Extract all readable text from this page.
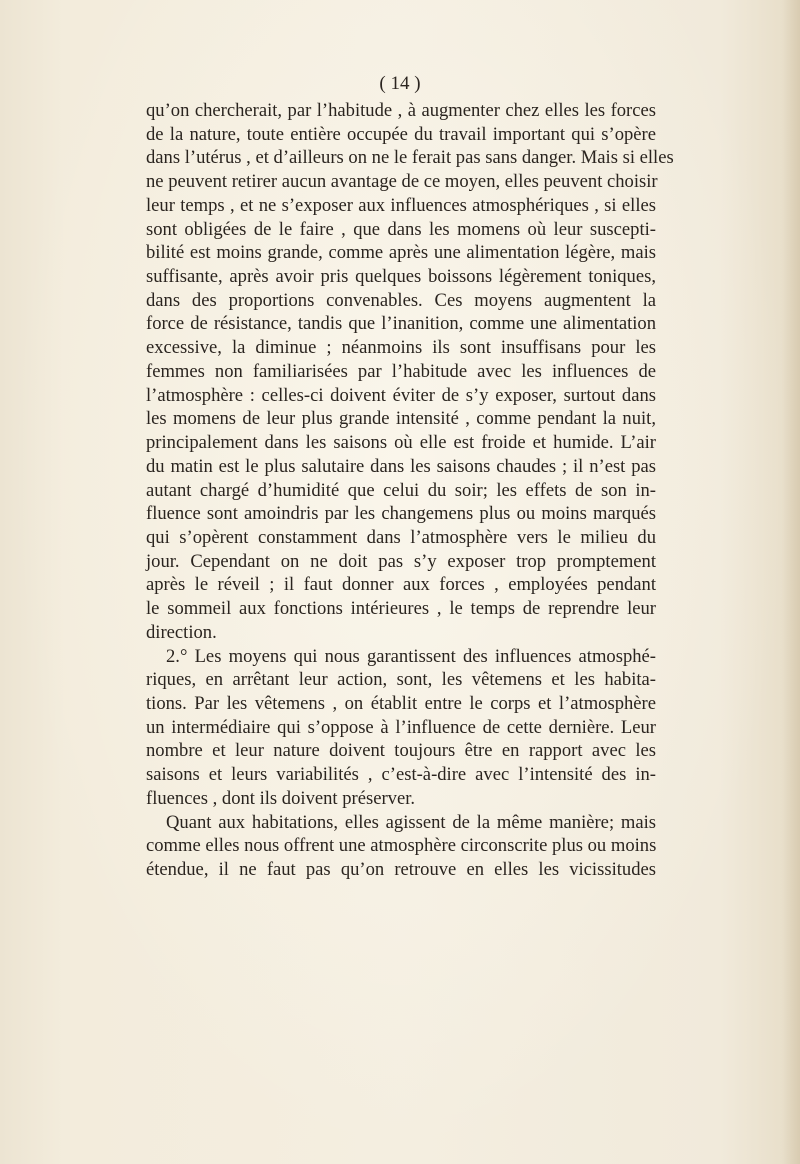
( 14 )
qu’on chercherait, par l’habitude , à augmenter chez elles les forces
de la nature, toute entière occupée du travail important qui s’opère
dans l’utérus , et d’ailleurs on ne le ferait pas sans danger. Mais si elles
ne peuvent retirer aucun avantage de ce moyen, elles peuvent choisir
leur temps , et ne s’exposer aux influences atmosphériques , si elles
sont obligées de le faire , que dans les momens où leur suscepti-
bilité est moins grande, comme après une alimentation légère, mais
suffisante, après avoir pris quelques boissons légèrement toniques,
dans des proportions convenables. Ces moyens augmentent la
force de résistance, tandis que l’inanition, comme une alimentation
excessive, la diminue ; néanmoins ils sont insuffisans pour les
femmes non familiarisées par l’habitude avec les influences de
l’atmosphère : celles-ci doivent éviter de s’y exposer, surtout dans
les momens de leur plus grande intensité , comme pendant la nuit,
principalement dans les saisons où elle est froide et humide. L’air
du matin est le plus salutaire dans les saisons chaudes ; il n’est pas
autant chargé d’humidité que celui du soir; les effets de son in-
fluence sont amoindris par les changemens plus ou moins marqués
qui s’opèrent constamment dans l’atmosphère vers le milieu du
jour. Cependant on ne doit pas s’y exposer trop promptement
après le réveil ; il faut donner aux forces , employées pendant
le sommeil aux fonctions intérieures , le temps de reprendre leur
direction.
2.° Les moyens qui nous garantissent des influences atmosphé-
riques, en arrêtant leur action, sont, les vêtemens et les habita-
tions. Par les vêtemens , on établit entre le corps et l’atmosphère
un intermédiaire qui s’oppose à l’influence de cette dernière. Leur
nombre et leur nature doivent toujours être en rapport avec les
saisons et leurs variabilités , c’est-à-dire avec l’intensité des in-
fluences , dont ils doivent préserver.
Quant aux habitations, elles agissent de la même manière; mais
comme elles nous offrent une atmosphère circonscrite plus ou moins
étendue, il ne faut pas qu’on retrouve en elles les vicissitudes
